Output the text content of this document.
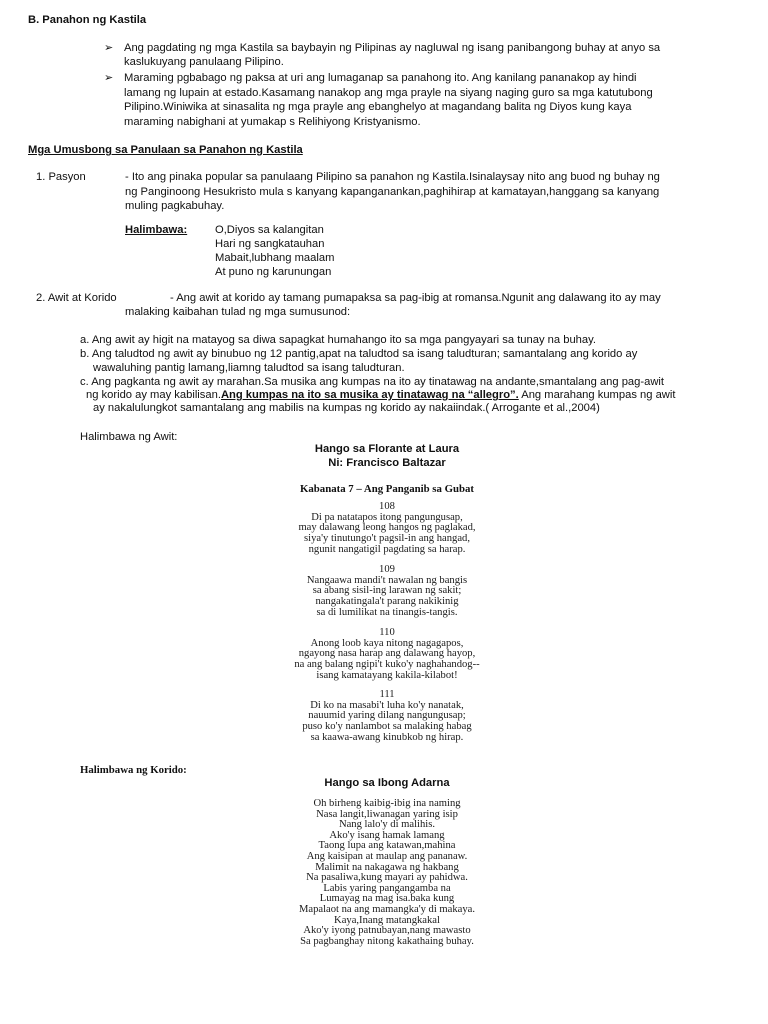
B. Panahon ng Kastila
➢ Ang pagdating ng mga Kastila sa baybayin ng Pilipinas ay nagluwal ng isang panibangong buhay at anyo sa
kaslukuyang panulaang Pilipino.
➢ Maraming pgbabago ng paksa at uri ang lumaganap sa panahong ito. Ang kanilang pananakop ay hindi
lamang ng lupain at estado.Kasamang nanakop ang mga prayle na siyang naging guro sa mga katutubong
Pilipino.Winiwika at sinasalita ng mga prayle ang ebanghelyo at magandang balita ng Diyos kung kaya
maraming nabighani at yumakap s Relihiyong Kristyanismo.
Mga Umusbong sa Panulaan sa Panahon ng Kastila
1. Pasyon	- Ito ang pinaka popular sa panulaang Pilipino sa panahon ng Kastila.Isinalaysay nito ang buod ng buhay ng
ng Panginoong Hesukristo mula s kanyang kapanganankan,paghihirap at kamatayan,hanggang sa kanyang
muling pagkabuhay.
Halimbawa: O,Diyos sa kalangitan
Hari ng sangkatauhan
Mabait,lubhang maalam
At puno ng karunungan
2. Awit at Korido	- Ang awit at korido ay tamang pumapaksa sa pag-ibig at romansa.Ngunit ang dalawang ito ay may
malaking kaibahan tulad ng mga sumusunod:
a. Ang awit ay higit na matayog sa diwa sapagkat humahango ito sa mga pangyayari sa tunay na buhay.
b. Ang taludtod ng awit ay binubuo ng 12 pantig,apat na taludtod sa isang taludturan; samantalang ang korido ay
wawaluhing pantig lamang,liamng taludtod sa isang taludturan.
c. Ang pagkanta ng awit ay marahan.Sa musika ang kumpas na ito ay tinatawag na andante,smantalang ang pag-awit
ng korido ay may kabilisan.Ang kumpas na ito sa musika ay tinatawag na “allegro”. Ang marahang kumpas ng awit
ay nakalulungkot samantalang ang mabilis na kumpas ng korido ay nakaiindak.( Arrogante et al.,2004)
Halimbawa ng Awit:
Hango sa Florante at Laura
Ni: Francisco Baltazar
Kabanata 7 – Ang Panganib sa Gubat
108
Di pa natatapos itong pangungusap,
may dalawang leong hangos ng paglakad,
siya'y tinutungo't pagsil-in ang hangad,
ngunit nangatigil pagdating sa harap.
109
Nangaawa mandi't nawalan ng bangis
sa abang sisil-ing larawan ng sakit;
nangakatingala't parang nakikinig
sa di lumilikat na tinangis-tangis.
110
Anong loob kaya nitong nagagapos,
ngayong nasa harap ang dalawang hayop,
na ang balang ngipi't kuko'y naghahandog--
isang kamatayang kakila-kilabot!
111
Di ko na masabi't luha ko'y nanatak,
nauumid yaring dilang nangungusap;
puso ko'y nanlambot sa malaking habag
sa kaawa-awang kinubkob ng hirap.
Halimbawa ng Korido:
Hango sa Ibong Adarna
Oh birheng kaibig-ibig ina naming
Nasa langit,liwanagan yaring isip
Nang lalo'y di malihis.
Ako'y isang hamak lamang
Taong lupa ang katawan,mahina
Ang kaisipan at maulap ang pananaw.
Malimit na nakagawa ng hakbang
Na pasaliwa,kung mayari ay pahidwa.
Labis yaring pangangamba na
Lumayag na mag isa.baka kung
Mapalaot na ang mamangka'y di makaya.
Kaya,Inang matangkakal
Ako'y iyong patnubayan,nang mawasto
Sa pagbanghay nitong kakathaing buhay.
